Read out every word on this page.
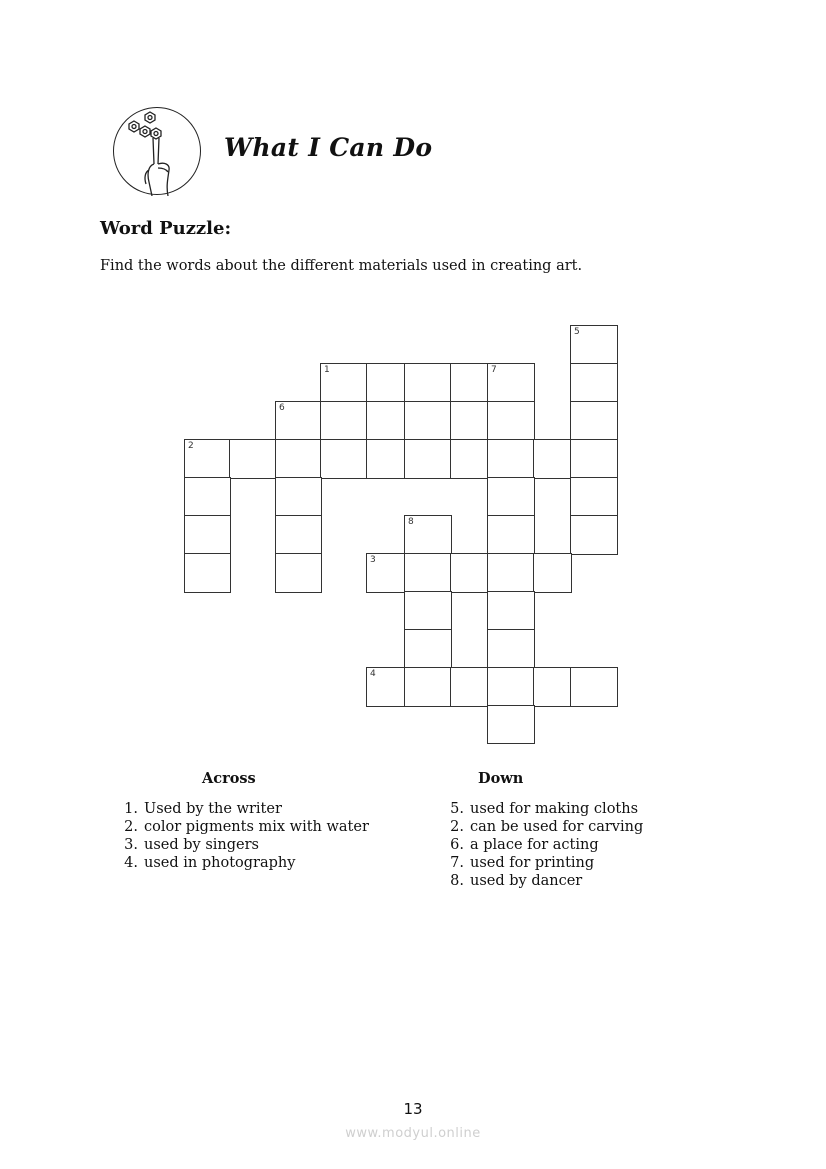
What I Can Do
Word Puzzle:
Find the words about the different materials used in creating art.
5
1	7
6
2
8
3
4
Across	Down
1. Used by the writer
2. color pigments mix with water
3. used by singers
4. used in photography
5. used for making cloths
2. can be used for carving
6. a place for acting
7. used for printing
8. used by dancer
13
www.modyul.online
